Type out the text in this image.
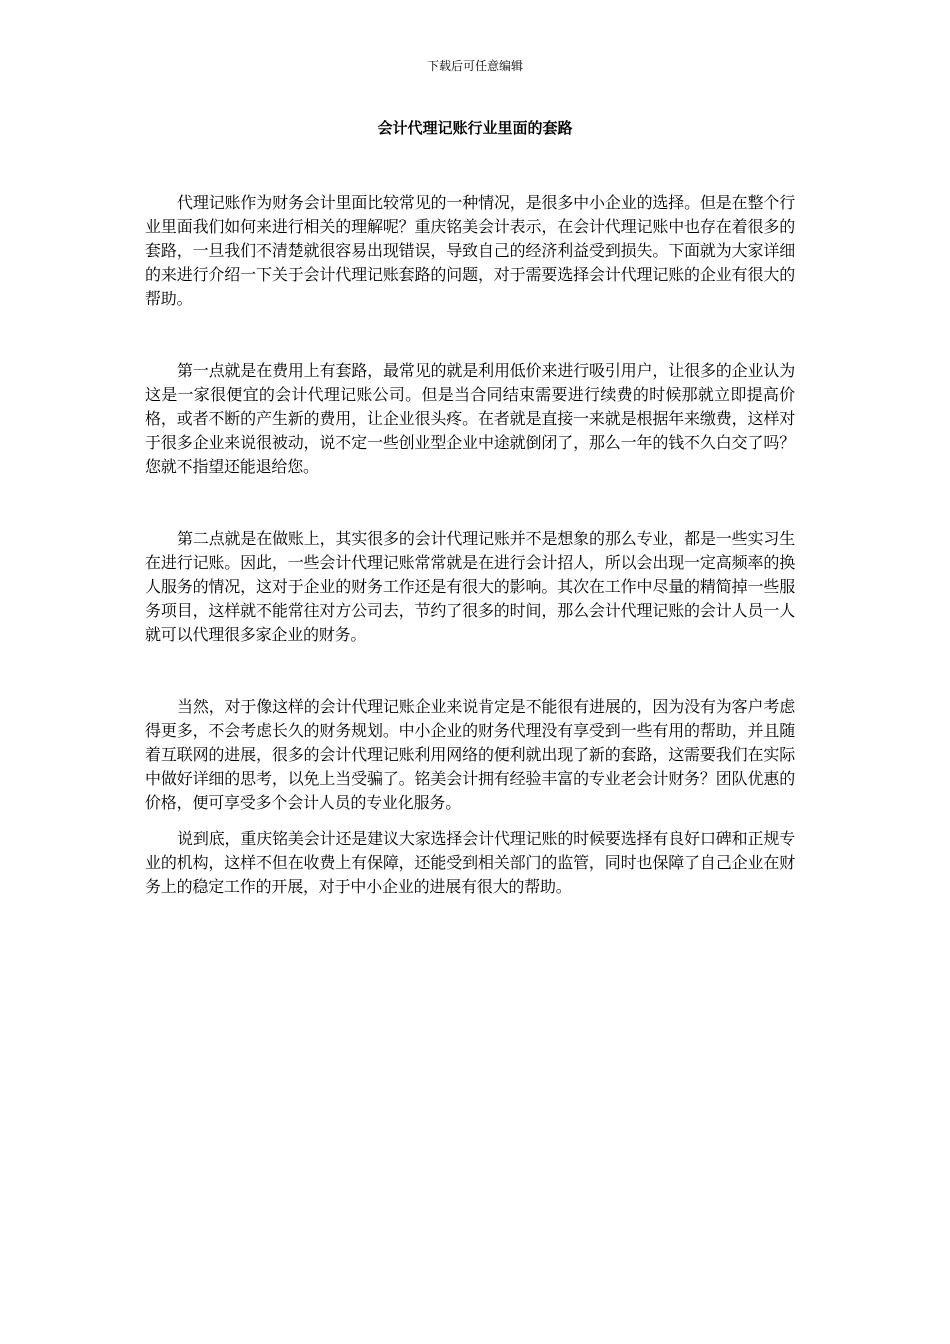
下载后可任意编辑
会计代理记账行业里面的套路

代理记账作为财务会计里面比较常见的一种情况，是很多中小企业的选择。但是在整个行业里面我们如何来进行相关的理解呢？重庆铭美会计表示，在会计代理记账中也存在着很多的套路，一旦我们不清楚就很容易出现错误，导致自己的经济利益受到损失。下面就为大家详细的来进行介绍一下关于会计代理记账套路的问题，对于需要选择会计代理记账的企业有很大的帮助。

第一点就是在费用上有套路，最常见的就是利用低价来进行吸引用户，让很多的企业认为这是一家很便宜的会计代理记账公司。但是当合同结束需要进行续费的时候那就立即提高价格，或者不断的产生新的费用，让企业很头疼。在者就是直接一来就是根据年来缴费，这样对于很多企业来说很被动，说不定一些创业型企业中途就倒闭了，那么一年的钱不久白交了吗？您就不指望还能退给您。

第二点就是在做账上，其实很多的会计代理记账并不是想象的那么专业，都是一些实习生在进行记账。因此，一些会计代理记账常常就是在进行会计招人，所以会出现一定高频率的换人服务的情况，这对于企业的财务工作还是有很大的影响。其次在工作中尽量的精简掉一些服务项目，这样就不能常往对方公司去，节约了很多的时间，那么会计代理记账的会计人员一人就可以代理很多家企业的财务。

当然，对于像这样的会计代理记账企业来说肯定是不能很有进展的，因为没有为客户考虑得更多，不会考虑长久的财务规划。中小企业的财务代理没有享受到一些有用的帮助，并且随着互联网的进展，很多的会计代理记账利用网络的便利就出现了新的套路，这需要我们在实际中做好详细的思考，以免上当受骗了。铭美会计拥有经验丰富的专业老会计财务？团队优惠的价格，便可享受多个会计人员的专业化服务。

说到底，重庆铭美会计还是建议大家选择会计代理记账的时候要选择有良好口碑和正规专业的机构，这样不但在收费上有保障，还能受到相关部门的监管，同时也保障了自己企业在财务上的稳定工作的开展，对于中小企业的进展有很大的帮助。
